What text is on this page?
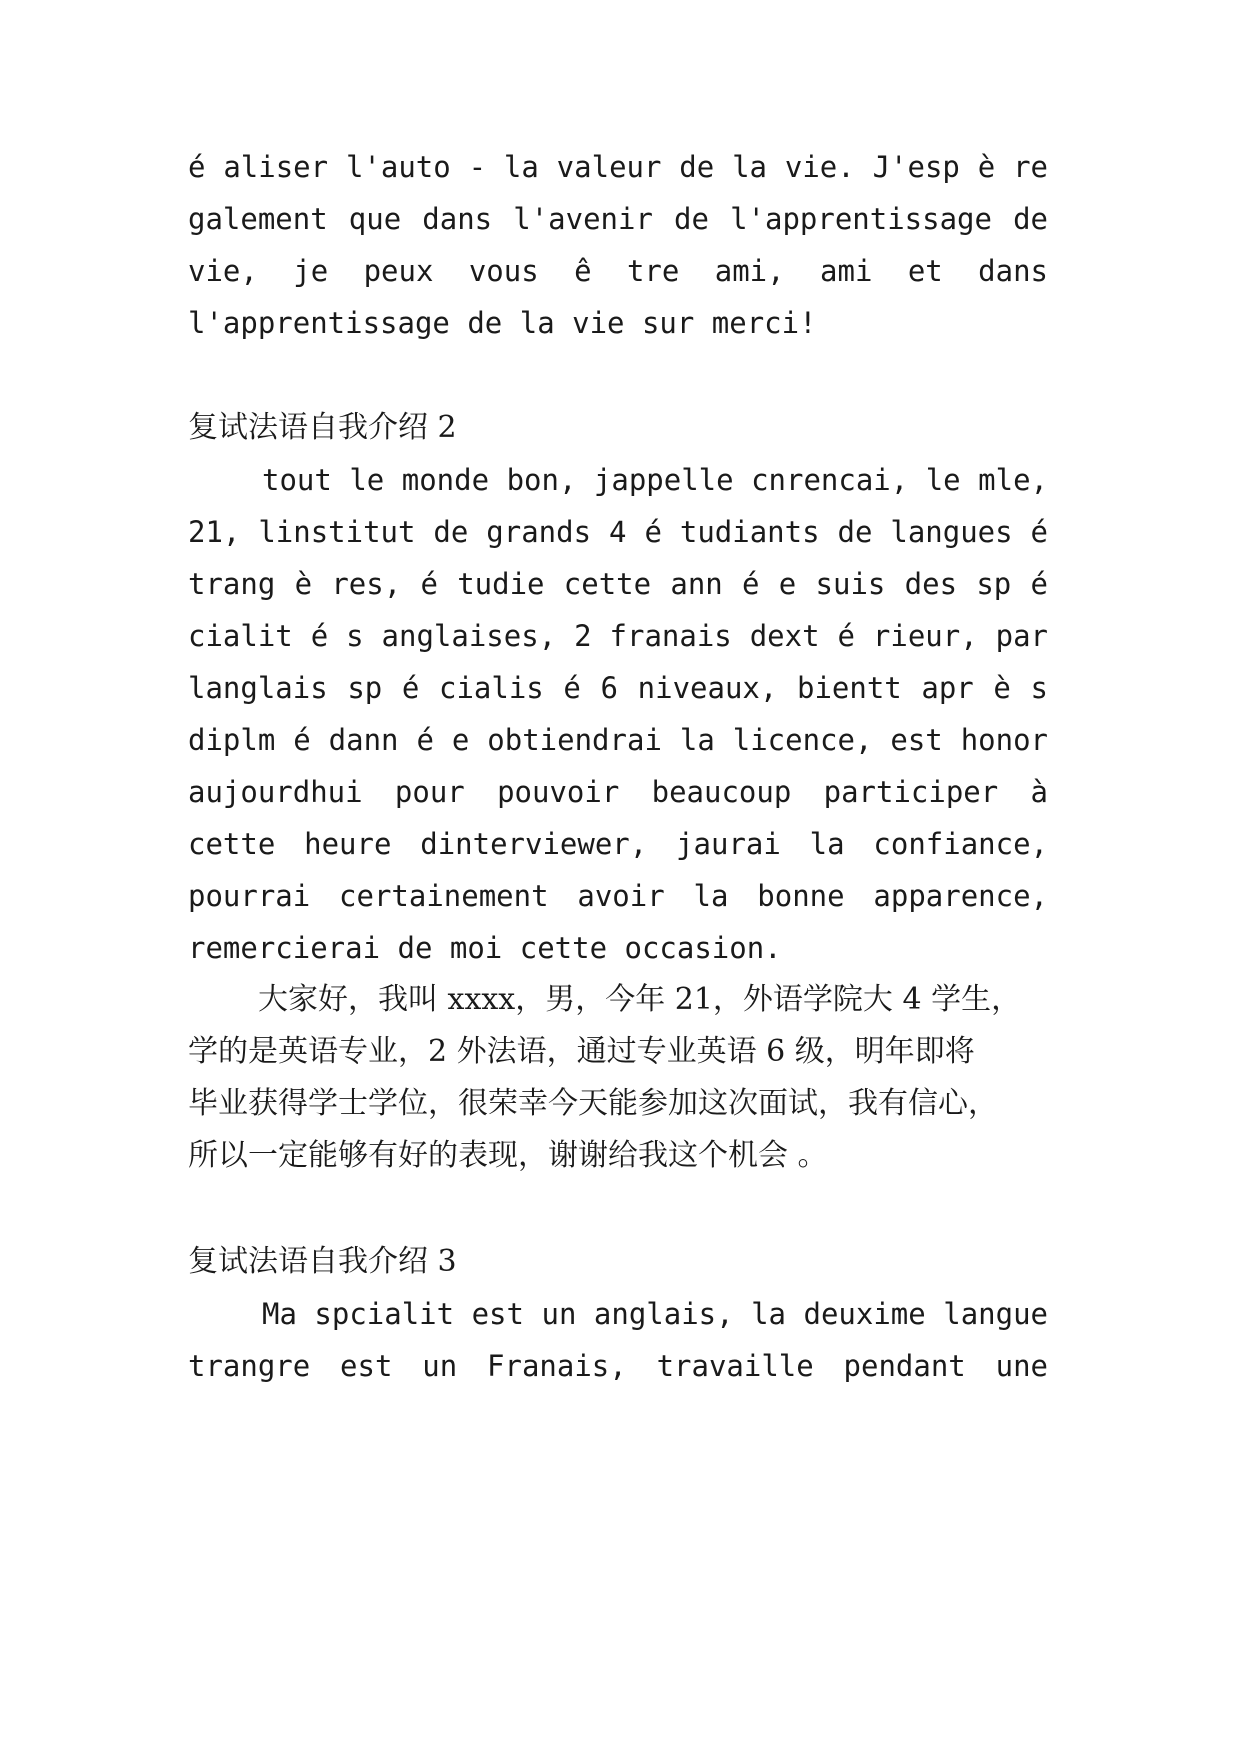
é aliser l'auto - la valeur de la vie. J'esp è re
galement que dans l'avenir de l'apprentissage de
vie, je peux vous ê tre ami, ami et dans
l'apprentissage de la vie sur merci!
复试法语自我介绍 2
tout le monde bon, jappelle cnrencai, le mle,
21, linstitut de grands 4 é tudiants de langues é
trang è res, é tudie cette ann é e suis des sp é
cialit é s anglaises, 2 franais dext é rieur, par
langlais sp é cialis é 6 niveaux, bientt apr è s
diplm é dann é e obtiendrai la licence, est honor
aujourdhui pour pouvoir beaucoup participer à
cette heure dinterviewer, jaurai la confiance,
pourrai certainement avoir la bonne apparence,
remercierai de moi cette occasion.
大家好，我叫 xxxx，男，今年 21，外语学院大 4 学生，
学的是英语专业，2 外法语，通过专业英语 6 级，明年即将
毕业获得学士学位，很荣幸今天能参加这次面试，我有信心，
所以一定能够有好的表现，谢谢给我这个机会 。
复试法语自我介绍 3
Ma spcialit est un anglais, la deuxime langue
trangre est un Franais, travaille pendant une
